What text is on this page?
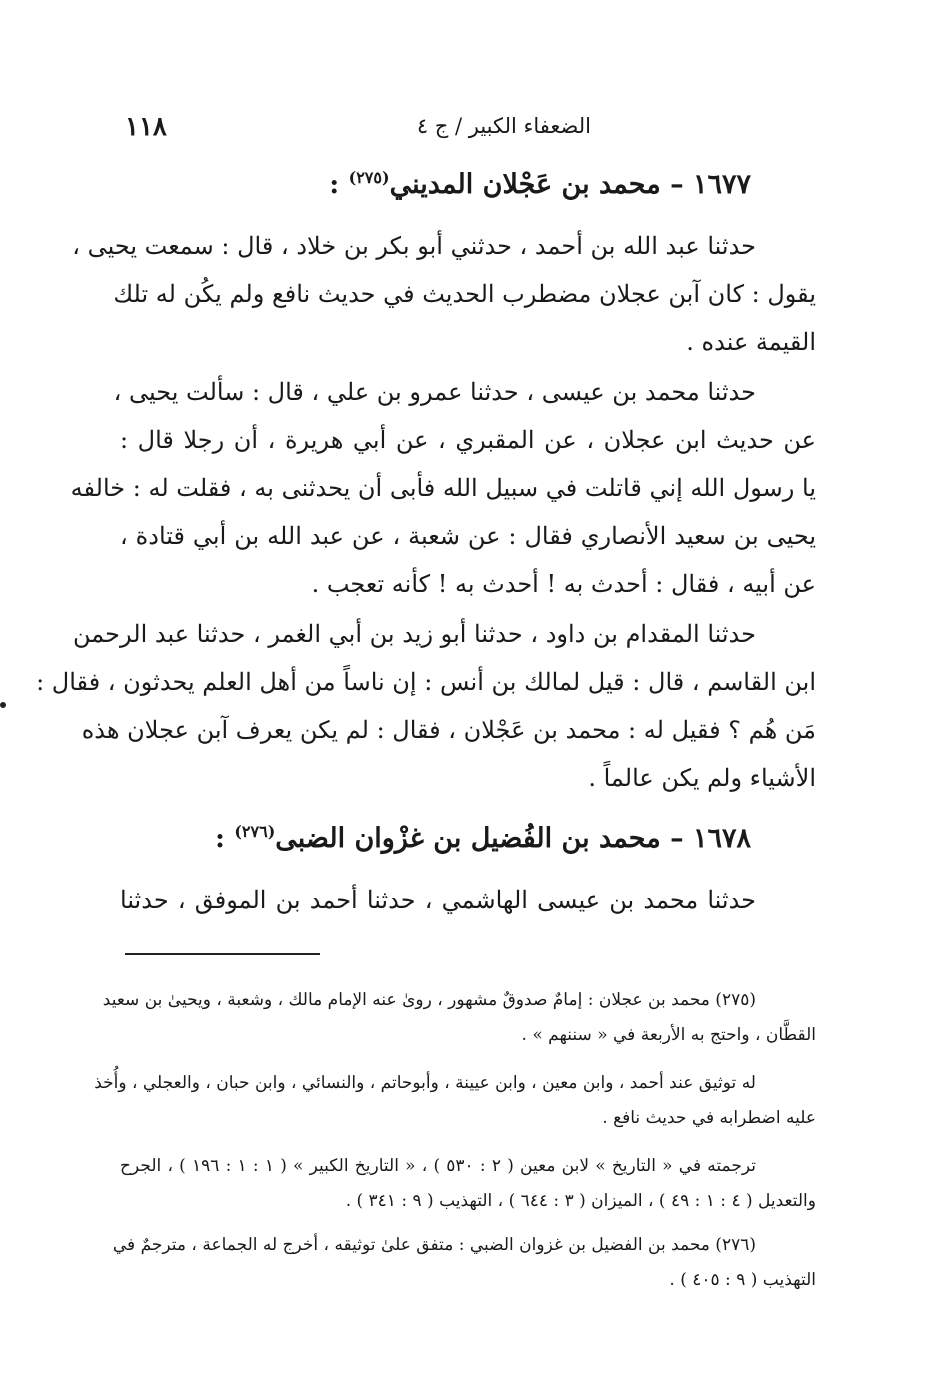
الضعفاء الكبير / ج ٤
١١٨
١٦٧٧ – محمد بن عَجْلان المديني$^{(٢٧٥)}$ :
حدثنا عبد الله بن أحمد ، حدثني أبو بكر بن خلاد ، قال : سمعت يحيى ،
يقول : كان آبن عجلان مضطرب الحديث في حديث نافع ولم يكُن له تلك
القيمة عنده .
حدثنا محمد بن عيسى ، حدثنا عمرو بن علي ، قال : سألت يحيى ،
عن حديث ابن عجلان ، عن المقبري ، عن أبي هريرة ، أن رجلا قال :
يا رسول الله إني قاتلت في سبيل الله فأبى أن يحدثنى به ، فقلت له : خالفه
يحيى بن سعيد الأنصاري فقال : عن شعبة ، عن عبد الله بن أبي قتادة ،
عن أبيه ، فقال : أحدث به ! أحدث به ! كأنه تعجب .
حدثنا المقدام بن داود ، حدثنا أبو زيد بن أبي الغمر ، حدثنا عبد الرحمن
ابن القاسم ، قال : قيل لمالك بن أنس : إن ناساً من أهل العلم يحدثون ، فقال :
مَن هُم ؟ فقيل له : محمد بن عَجْلان ، فقال : لم يكن يعرف آبن عجلان هذه
الأشياء ولم يكن عالماً .
١٦٧٨ – محمد بن الفُضيل بن غزْوان الضبى$^{(٢٧٦)}$ :
حدثنا محمد بن عيسى الهاشمي ، حدثنا أحمد بن الموفق ، حدثنا
(٢٧٥) محمد بن عجلان : إمامٌ صدوقٌ مشهور ، روىٰ عنه الإمام مالك ، وشعبة ، ويحيىٰ بن سعيد
القطَّان ، واحتج به الأربعة في « سننهم » .
له توثيق عند أحمد ، وابن معين ، وابن عيينة ، وأبوحاتم ، والنسائي ، وابن حبان ، والعجلي ، وأُخذ
عليه اضطرابه في حديث نافع .
ترجمته في « التاريخ » لابن معين ( ٢ : ٥٣٠ ) ، « التاريخ الكبير » ( ١ : ١ : ١٩٦ ) ، الجرح
والتعديل ( ٤ : ١ : ٤٩ ) ، الميزان ( ٣ : ٦٤٤ ) ، التهذيب ( ٩ : ٣٤١ ) .
(٢٧٦) محمد بن الفضيل بن غزوان الضبي : متفق علىٰ توثيقه ، أخرج له الجماعة ، مترجمٌ في
التهذيب ( ٩ : ٤٠٥ ) .
